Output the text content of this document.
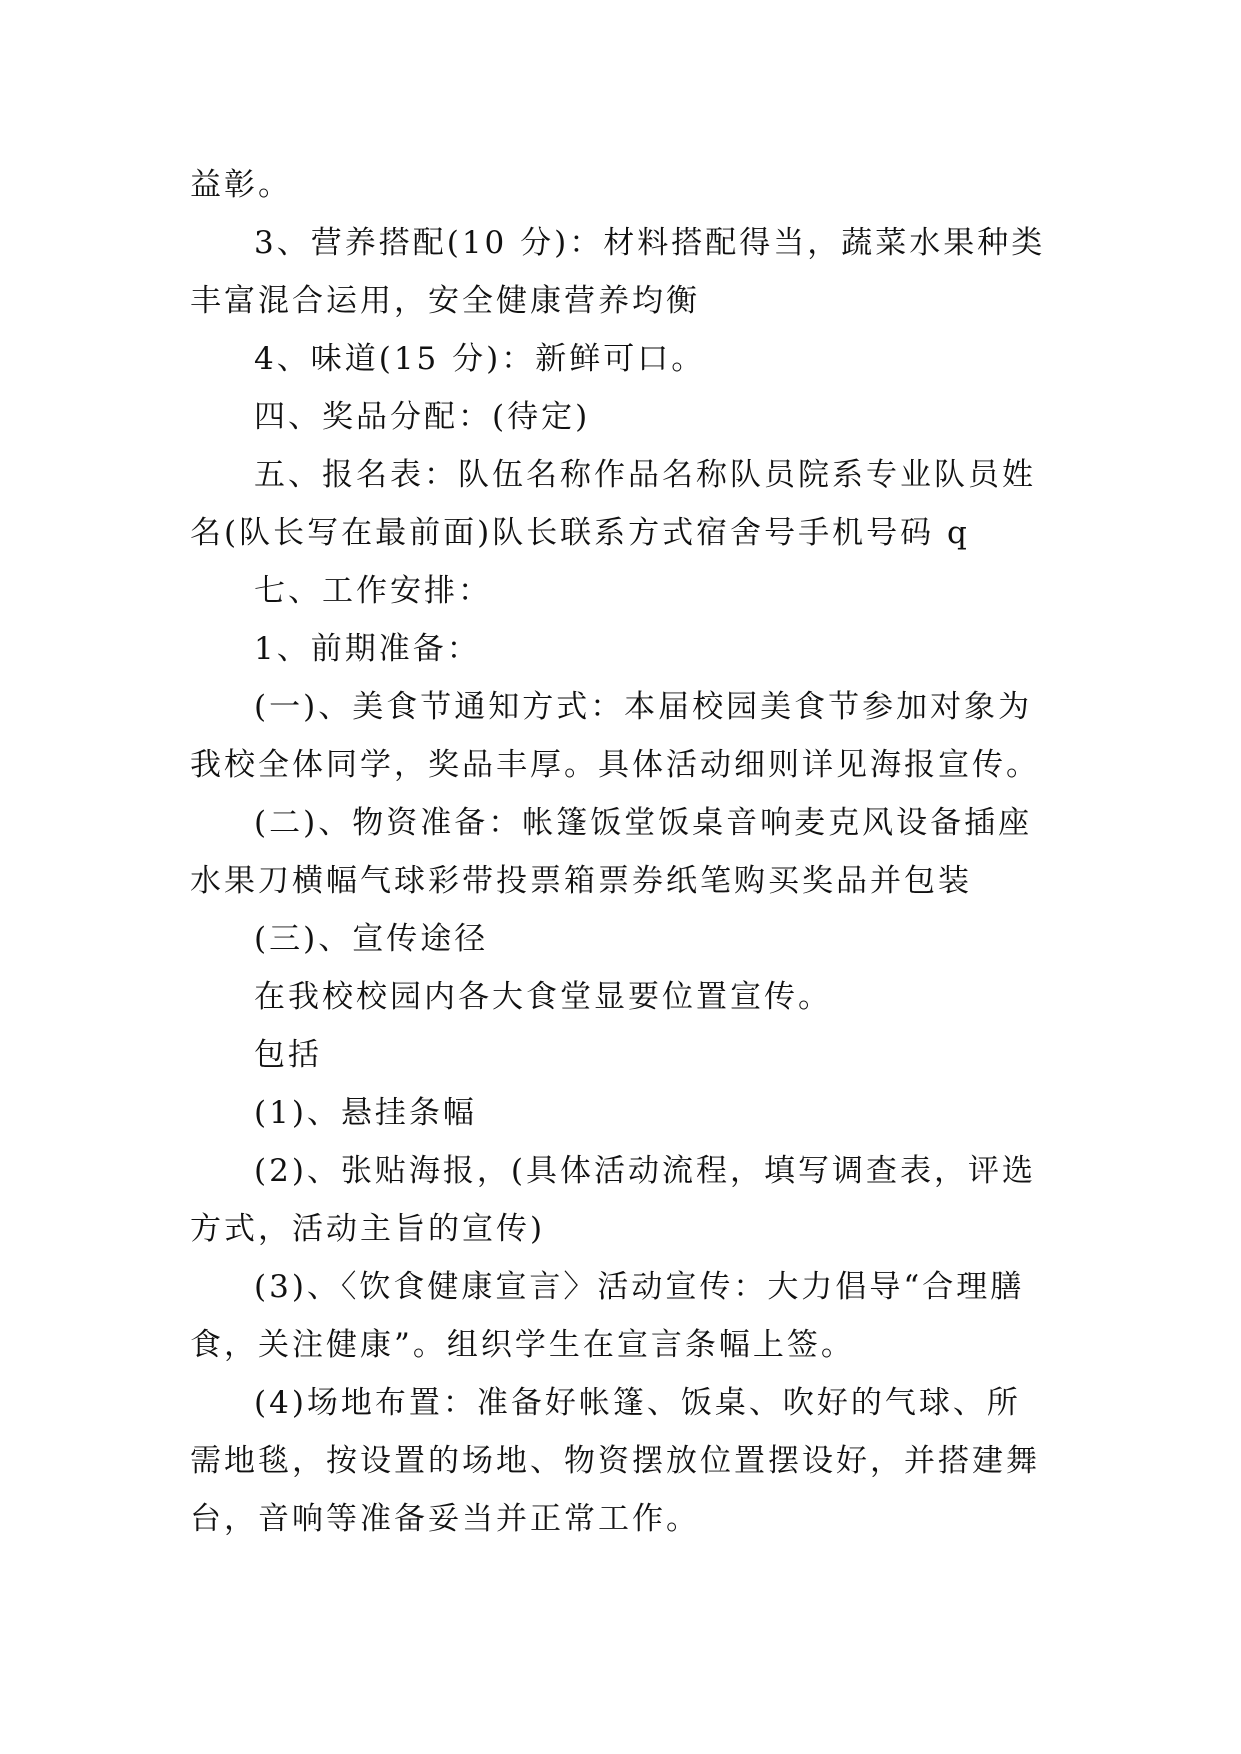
益彰。

3、营养搭配(10 分)：材料搭配得当，蔬菜水果种类丰富混合运用，安全健康营养均衡

4、味道(15 分)：新鲜可口。

四、奖品分配：(待定)

五、报名表：队伍名称作品名称队员院系专业队员姓名(队长写在最前面)队长联系方式宿舍号手机号码 q

七、工作安排：

1、前期准备：

(一)、美食节通知方式：本届校园美食节参加对象为我校全体同学，奖品丰厚。具体活动细则详见海报宣传。

(二)、物资准备：帐篷饭堂饭桌音响麦克风设备插座水果刀横幅气球彩带投票箱票券纸笔购买奖品并包装

(三)、宣传途径

在我校校园内各大食堂显要位置宣传。

包括

(1)、悬挂条幅

(2)、张贴海报，(具体活动流程，填写调查表，评选方式，活动主旨的宣传)

(3)、〈饮食健康宣言〉活动宣传：大力倡导“合理膳食，关注健康”。组织学生在宣言条幅上签。

(4)场地布置：准备好帐篷、饭桌、吹好的气球、所需地毯，按设置的场地、物资摆放位置摆设好，并搭建舞台，音响等准备妥当并正常工作。
